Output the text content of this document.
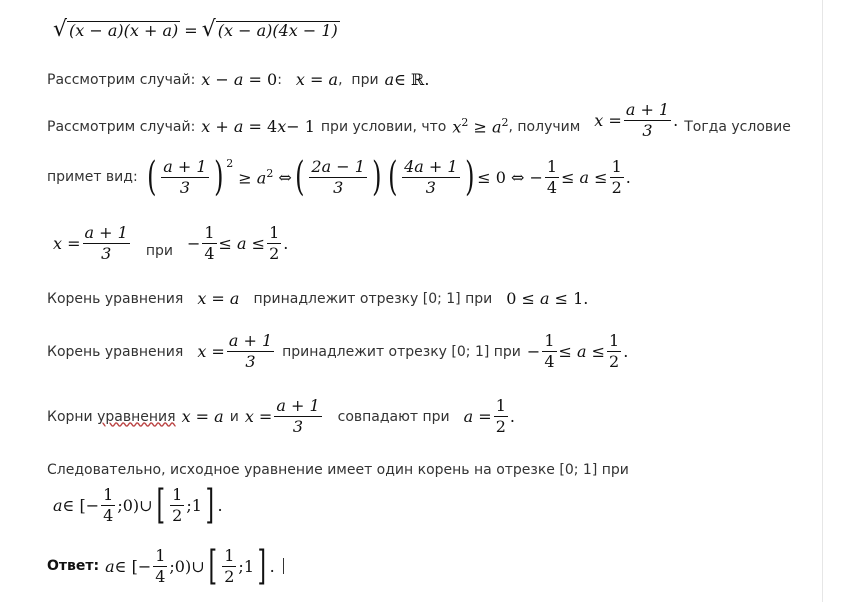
√ (x − a)(x + a) = √ (x − a)(4x − 1)
Рассмотрим случай: x − a = 0 : x = a , при a ∈ ℝ.
Рассмотрим случай: x + a = 4 x − 1 при условии, что $x^2 \ge a^2$ , получим $x = \frac{a + 1}{3}$ . Тогда условие
примет вид: ( $\frac{a + 1}{3}$ ) 2
≥ $a^2$ ⇔ ( $\frac{2a - 1}{3}$ ) ( $\frac{4a + 1}{3}$ ) ≤ 0 ⇔ − $\frac{1}{4} \le a \le \frac{1}{2}$ .
$x = \frac{a + 1}{3}$ при − $\frac{1}{4} \le a \le \frac{1}{2}$ .
Корень уравнения x = a принадлежит отрезку [0; 1] при 0 ≤ a ≤ 1.
Корень уравнения $x = \frac{a + 1}{3}$ принадлежит отрезку [0; 1] при − $\frac{1}{4} \le a \le \frac{1}{2}$ .
Корни
уравнения x = a и $x = \frac{a + 1}{3}$ совпадают при $a = \frac{1}{2}$ .
Следовательно, исходное уравнение имеет один корень на отрезке [0; 1] при
a ∈ [− $\frac{1}{4}$ ;0)∪ [ $\frac{1}{2}$ ;1 ] .
Ответ: a ∈ [− $\frac{1}{4}$ ;0)∪ [ $\frac{1}{2}$ ;1 ] .
